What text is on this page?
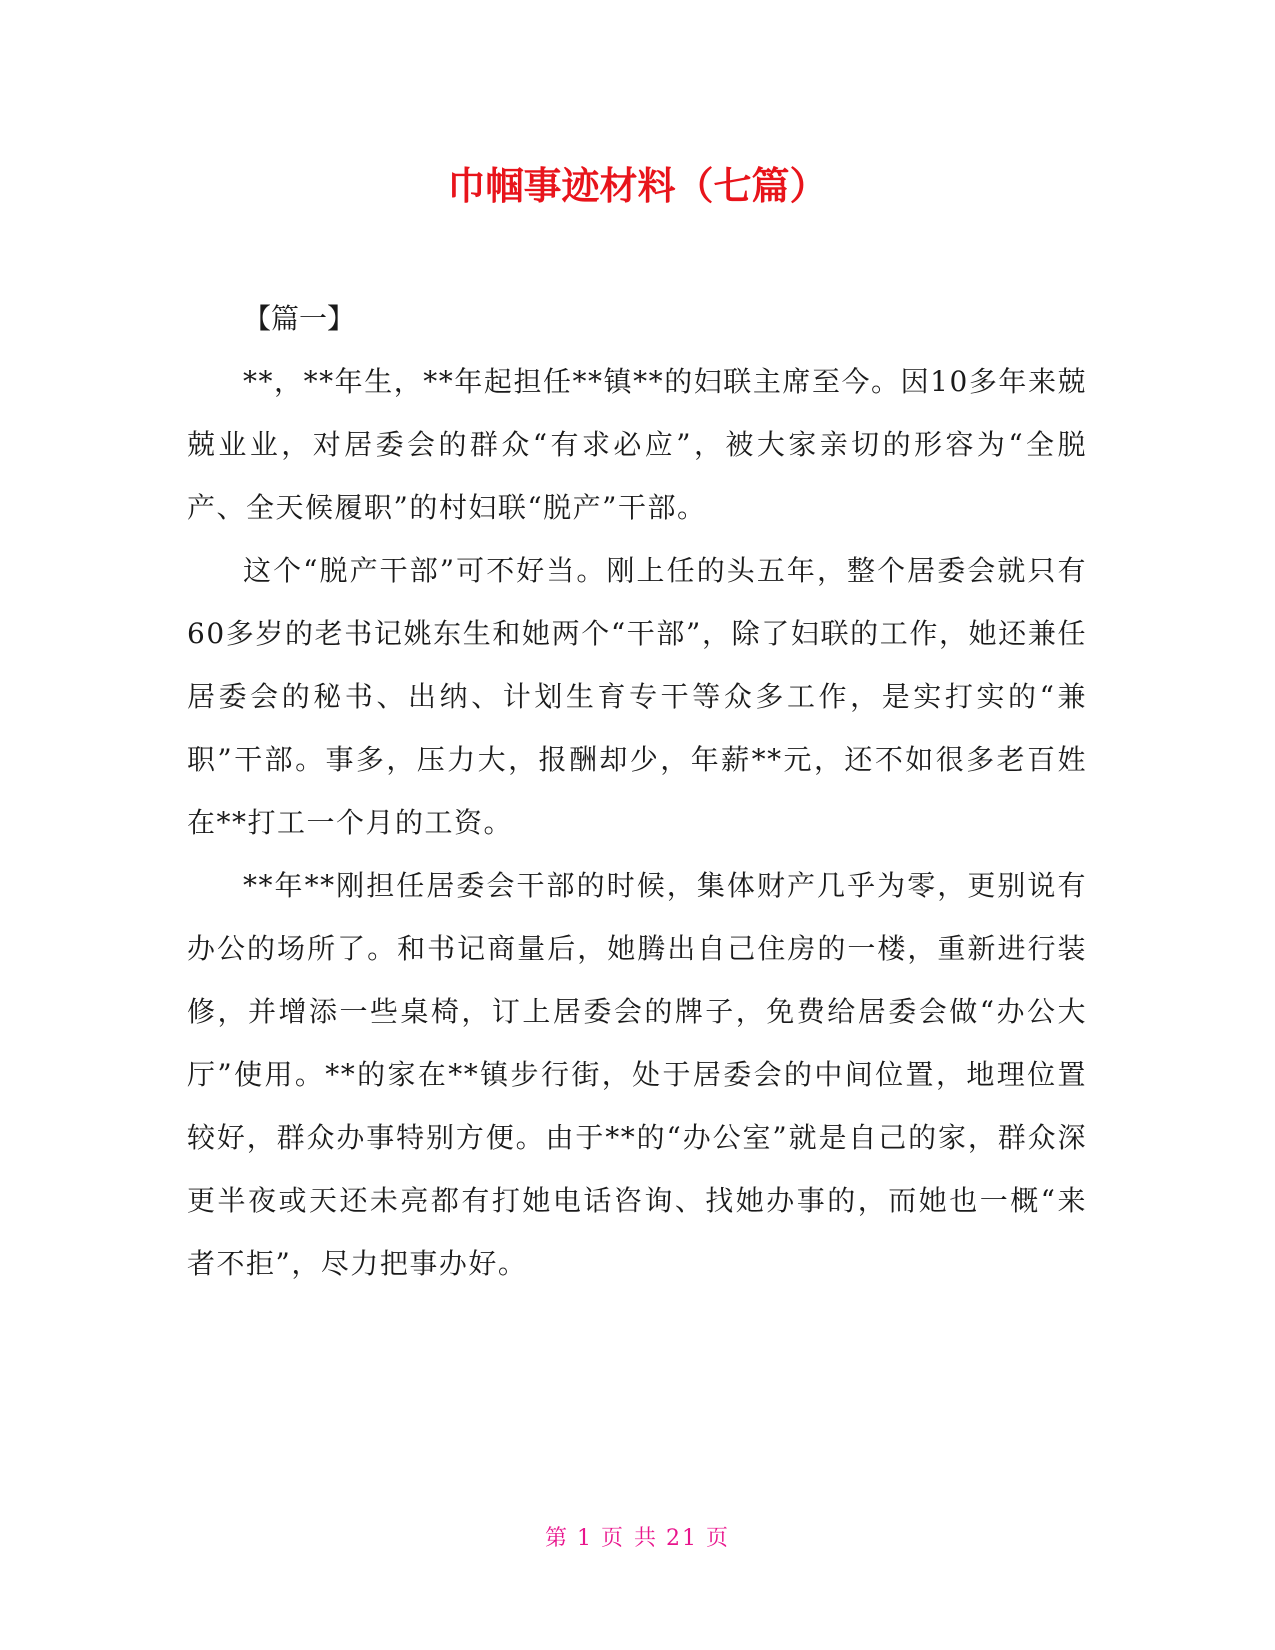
巾帼事迹材料（七篇）

【篇一】

**，**年生，**年起担任**镇**的妇联主席至今。因10多年来兢兢业业，对居委会的群众“有求必应”，被大家亲切的形容为“全脱产、全天候履职”的村妇联“脱产”干部。

这个“脱产干部”可不好当。刚上任的头五年，整个居委会就只有60多岁的老书记姚东生和她两个“干部”，除了妇联的工作，她还兼任居委会的秘书、出纳、计划生育专干等众多工作，是实打实的“兼职”干部。事多，压力大，报酬却少，年薪**元，还不如很多老百姓在**打工一个月的工资。

**年**刚担任居委会干部的时候，集体财产几乎为零，更别说有办公的场所了。和书记商量后，她腾出自己住房的一楼，重新进行装修，并增添一些桌椅，订上居委会的牌子，免费给居委会做“办公大厅”使用。**的家在**镇步行街，处于居委会的中间位置，地理位置较好，群众办事特别方便。由于**的“办公室”就是自己的家，群众深更半夜或天还未亮都有打她电话咨询、找她办事的，而她也一概“来者不拒”，尽力把事办好。

第 1 页 共 21 页
